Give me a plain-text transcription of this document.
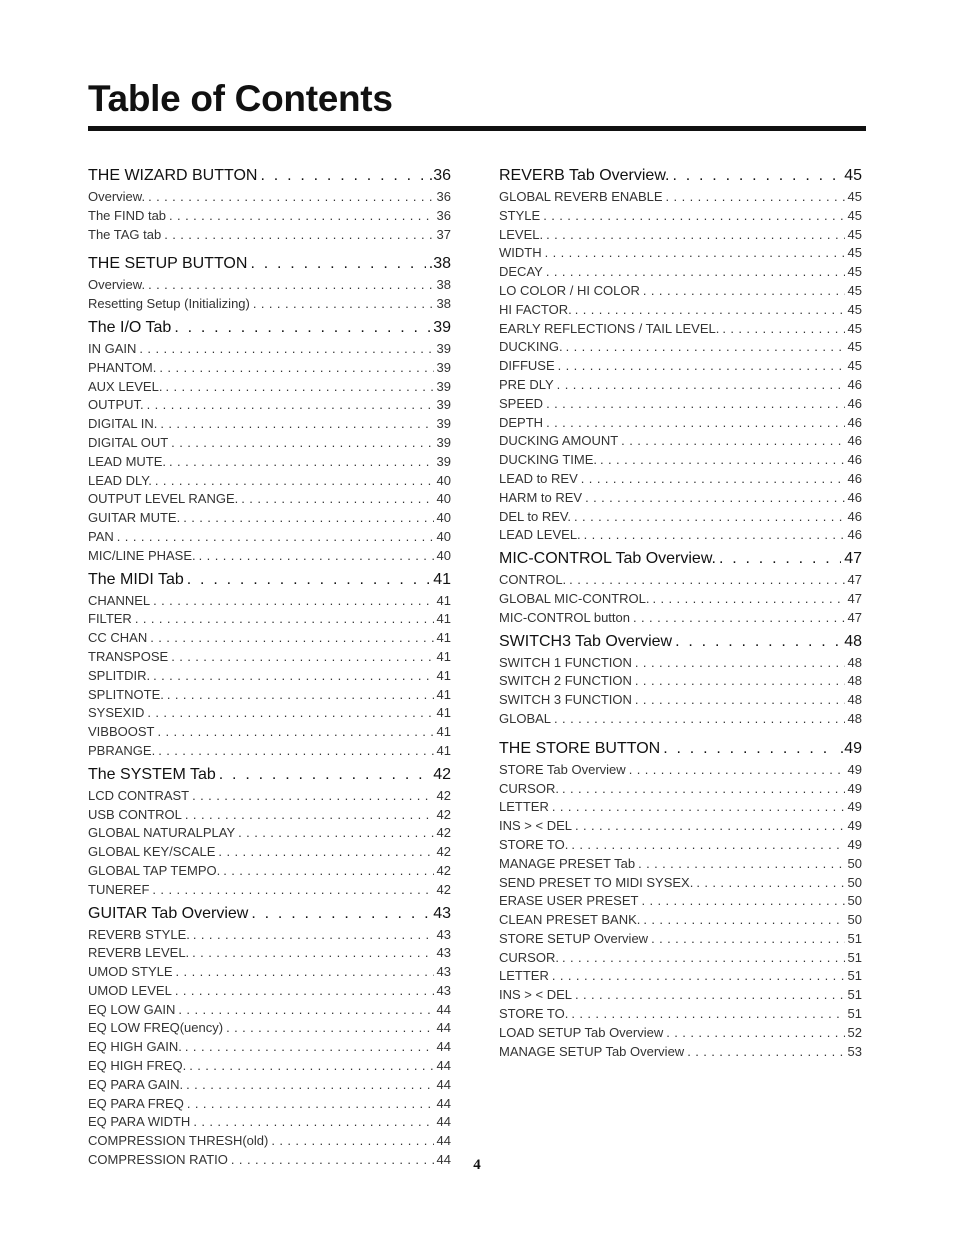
Table of Contents
THE WIZARD BUTTON . . .	.36
Overview. . . .	36
The FIND tab . . .	36
The TAG tab . . .	37
THE SETUP BUTTON . . .	.38
Overview. . . .	38
Resetting Setup (Initializing) . . .	38
The I/O Tab . . .	39
IN GAIN . . .	39
PHANTOM. . . .	39
AUX LEVEL. . . .	39
OUTPUT. . . .	39
DIGITAL IN. . . .	39
DIGITAL OUT . . .	39
LEAD MUTE. . . .	39
LEAD DLY. . . .	40
OUTPUT LEVEL RANGE. . . .	40
GUITAR MUTE. . . .	40
PAN . . .	40
MIC/LINE PHASE. . . .	40
The MIDI Tab . . .	41
CHANNEL . . .	41
FILTER . . .	41
CC CHAN . . .	41
TRANSPOSE . . .	41
SPLITDIR. . . .	41
SPLITNOTE. . . .	41
SYSEXID . . .	41
VIBBOOST . . .	41
PBRANGE. . . .	41
The SYSTEM Tab . . .	42
LCD CONTRAST . . .	42
USB CONTROL . . .	42
GLOBAL NATURALPLAY . . .	42
GLOBAL KEY/SCALE . . .	42
GLOBAL TAP TEMPO. . . .	42
TUNEREF . . .	42
GUITAR Tab Overview . . .	43
REVERB STYLE. . . .	43
REVERB LEVEL. . . .	43
UMOD STYLE . . .	43
UMOD LEVEL . . .	43
EQ LOW GAIN . . .	44
EQ LOW FREQ(uency) . . .	44
EQ HIGH GAIN. . . .	44
EQ HIGH FREQ. . . .	44
EQ PARA GAIN. . . .	44
EQ PARA FREQ . . .	44
EQ PARA WIDTH . . .	44
COMPRESSION THRESH(old) . . .	44
COMPRESSION RATIO . . .	44
REVERB Tab Overview. . . .	45
GLOBAL REVERB ENABLE . . .	45
STYLE . . .	45
LEVEL. . . .	45
WIDTH . . .	45
DECAY . . .	45
LO COLOR / HI COLOR . . .	45
HI FACTOR. . . .	45
EARLY REFLECTIONS / TAIL LEVEL. . . .	45
DUCKING. . . .	45
DIFFUSE . . .	45
PRE DLY . . .	46
SPEED . . .	46
DEPTH . . .	46
DUCKING AMOUNT . . .	46
DUCKING TIME. . . .	46
LEAD to REV . . .	46
HARM to REV . . .	46
DEL to REV. . . .	46
LEAD LEVEL. . . .	46
MIC-CONTROL Tab Overview. . . .	47
CONTROL. . . .	47
GLOBAL MIC-CONTROL. . . .	47
MIC-CONTROL button . . .	47
SWITCH3 Tab Overview . . .	48
SWITCH 1 FUNCTION . . .	48
SWITCH 2 FUNCTION . . .	48
SWITCH 3 FUNCTION . . .	48
GLOBAL . . .	48
THE STORE BUTTON . . .	.49
STORE Tab Overview . . .	49
CURSOR. . . .	49
LETTER . . .	49
INS > < DEL . . .	49
STORE TO. . . .	49
MANAGE PRESET Tab . . .	50
SEND PRESET TO MIDI SYSEX. . . .	50
ERASE USER PRESET . . .	50
CLEAN PRESET BANK. . . .	50
STORE SETUP Overview . . .	51
CURSOR. . . .	51
LETTER . . .	51
INS > < DEL . . .	51
STORE TO. . . .	51
LOAD SETUP Tab Overview . . .	52
MANAGE SETUP Tab Overview . . .	53
4
